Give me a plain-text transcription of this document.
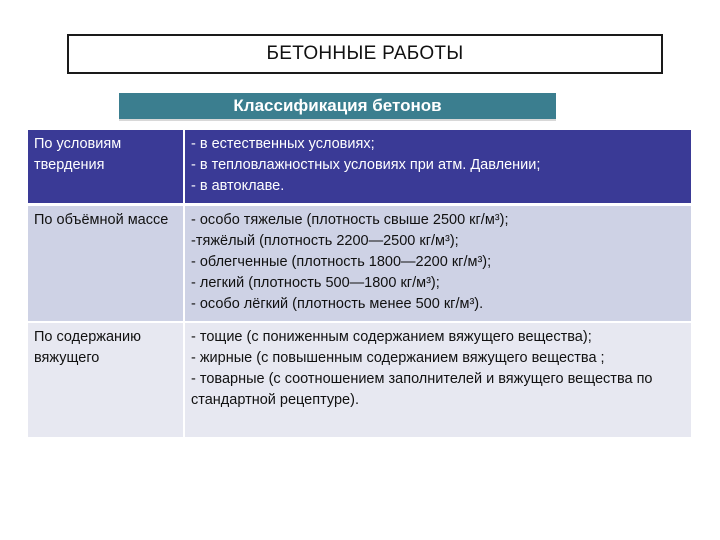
БЕТОННЫЕ РАБОТЫ
Классификация бетонов
По условиям твердения	- в естественных условиях;
- в тепловлажностных условиях при атм. Давлении;
- в автоклаве.

По объёмной массе	- особо тяжелые (плотность свыше 2500 кг/м³);
-тяжёлый (плотность 2200—2500 кг/м³);
- облегченные (плотность 1800—2200 кг/м³);
- легкий (плотность 500—1800 кг/м³);
- особо лёгкий (плотность менее 500 кг/м³).

По содержанию вяжущего	- тощие (с пониженным содержанием вяжущего вещества);
- жирные (с повышенным содержанием вяжущего вещества ;
- товарные (с соотношением заполнителей и вяжущего вещества по стандартной рецептуре).
